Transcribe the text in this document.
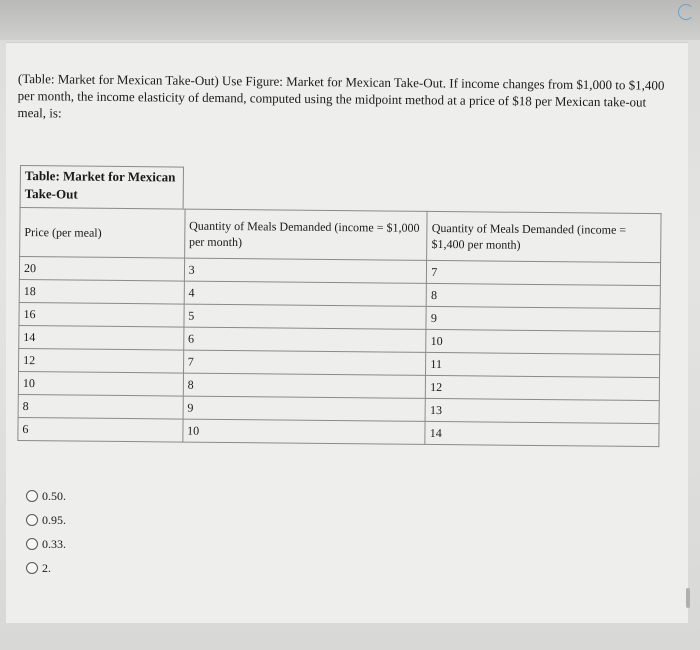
(Table: Market for Mexican Take-Out) Use Figure: Market for Mexican Take-Out. If income changes from $1,000 to $1,400 per month, the income elasticity of demand, computed using the midpoint method at a price of $18 per Mexican take-out meal, is:
Table: Market for Mexican Take-Out
Price (per meal)	Quantity of Meals Demanded (income = $1,000 per month)	Quantity of Meals Demanded (income = $1,400 per month)
20	3	7
18	4	8
16	5	9
14	6	10
12	7	11
10	8	12
8	9	13
6	10	14
0.50.
0.95.
0.33.
2.
